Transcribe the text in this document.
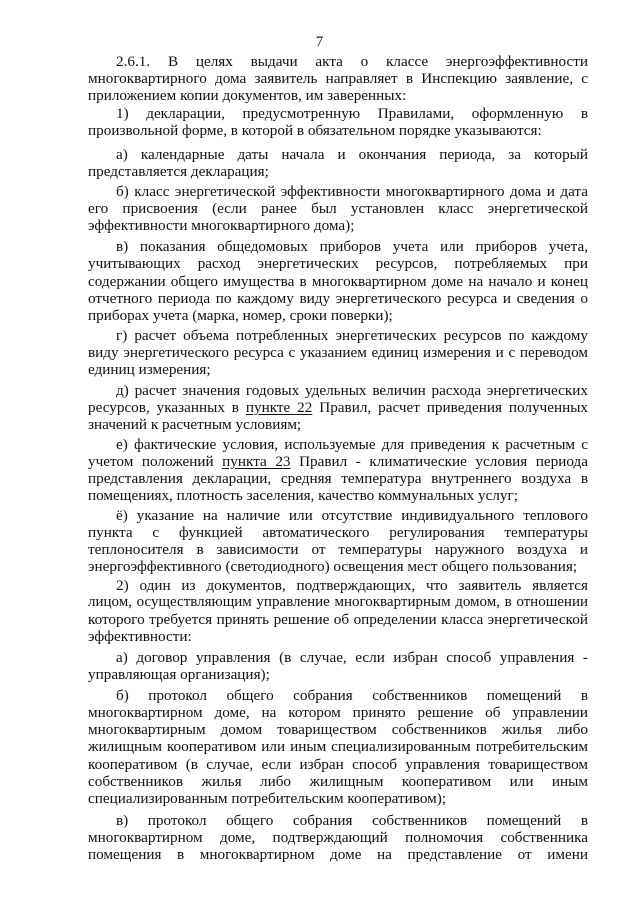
7
2.6.1. В целях выдачи акта о классе энергоэффективности
многоквартирного дома заявитель направляет в Инспекцию заявление, с
приложением копии документов, им заверенных:
1) декларации, предусмотренную Правилами, оформленную в
произвольной форме, в которой в обязательном порядке указываются:
а) календарные даты начала и окончания периода, за который
представляется декларация;
б) класс энергетической эффективности многоквартирного дома и дата
его присвоения (если ранее был установлен класс энергетической
эффективности многоквартирного дома);
в) показания общедомовых приборов учета или приборов учета,
учитывающих расход энергетических ресурсов, потребляемых при
содержании общего имущества в многоквартирном доме на начало и конец
отчетного периода по каждому виду энергетического ресурса и сведения о
приборах учета (марка, номер, сроки поверки);
г) расчет объема потребленных энергетических ресурсов по каждому
виду энергетического ресурса с указанием единиц измерения и с переводом
единиц измерения;
д) расчет значения годовых удельных величин расхода энергетических
ресурсов, указанных в пункте 22 Правил, расчет приведения полученных
значений к расчетным условиям;
е) фактические условия, используемые для приведения к расчетным с
учетом положений пункта 23 Правил - климатические условия периода
представления декларации, средняя температура внутреннего воздуха в
помещениях, плотность заселения, качество коммунальных услуг;
ё) указание на наличие или отсутствие индивидуального теплового
пункта с функцией автоматического регулирования температуры
теплоносителя в зависимости от температуры наружного воздуха и
энергоэффективного (светодиодного) освещения мест общего пользования;
2) один из документов, подтверждающих, что заявитель является
лицом, осуществляющим управление многоквартирным домом, в отношении
которого требуется принять решение об определении класса энергетической
эффективности:
а) договор управления (в случае, если избран способ управления -
управляющая организация);
б) протокол общего собрания собственников помещений в
многоквартирном доме, на котором принято решение об управлении
многоквартирным домом товариществом собственников жилья либо
жилищным кооперативом или иным специализированным потребительским
кооперативом (в случае, если избран способ управления товариществом
собственников жилья либо жилищным кооперативом или иным
специализированным потребительским кооперативом);
в) протокол общего собрания собственников помещений в
многоквартирном доме, подтверждающий полномочия собственника
помещения в многоквартирном доме на представление от имени
